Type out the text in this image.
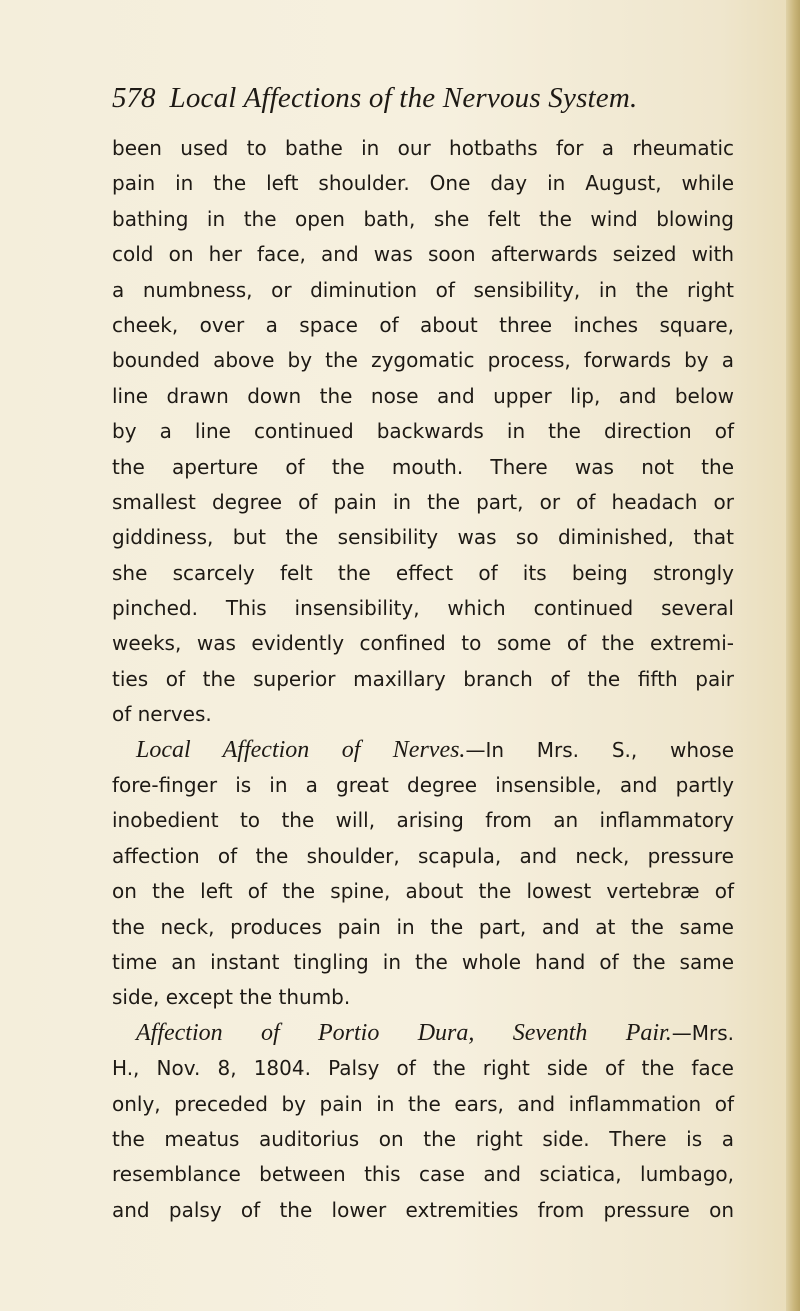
578 Local Affections of the Nervous System.
been used to bathe in our hotbaths for a rheumatic
pain in the left shoulder. One day in August, while
bathing in the open bath, she felt the wind blowing
cold on her face, and was soon afterwards seized with
a numbness, or diminution of sensibility, in the right
cheek, over a space of about three inches square,
bounded above by the zygomatic process, forwards by a
line drawn down the nose and upper lip, and below
by a line continued backwards in the direction of
the aperture of the mouth. There was not the
smallest degree of pain in the part, or of headach or
giddiness, but the sensibility was so diminished, that
she scarcely felt the effect of its being strongly
pinched. This insensibility, which continued several
weeks, was evidently confined to some of the extremi-
ties of the superior maxillary branch of the fifth pair
of nerves.
Local Affection of Nerves.—In Mrs. S., whose
fore-finger is in a great degree insensible, and partly
inobedient to the will, arising from an inflammatory
affection of the shoulder, scapula, and neck, pressure
on the left of the spine, about the lowest vertebræ of
the neck, produces pain in the part, and at the same
time an instant tingling in the whole hand of the same
side, except the thumb.
Affection of Portio Dura, Seventh Pair.—Mrs.
H., Nov. 8, 1804. Palsy of the right side of the face
only, preceded by pain in the ears, and inflammation of
the meatus auditorius on the right side. There is a
resemblance between this case and sciatica, lumbago,
and palsy of the lower extremities from pressure on
